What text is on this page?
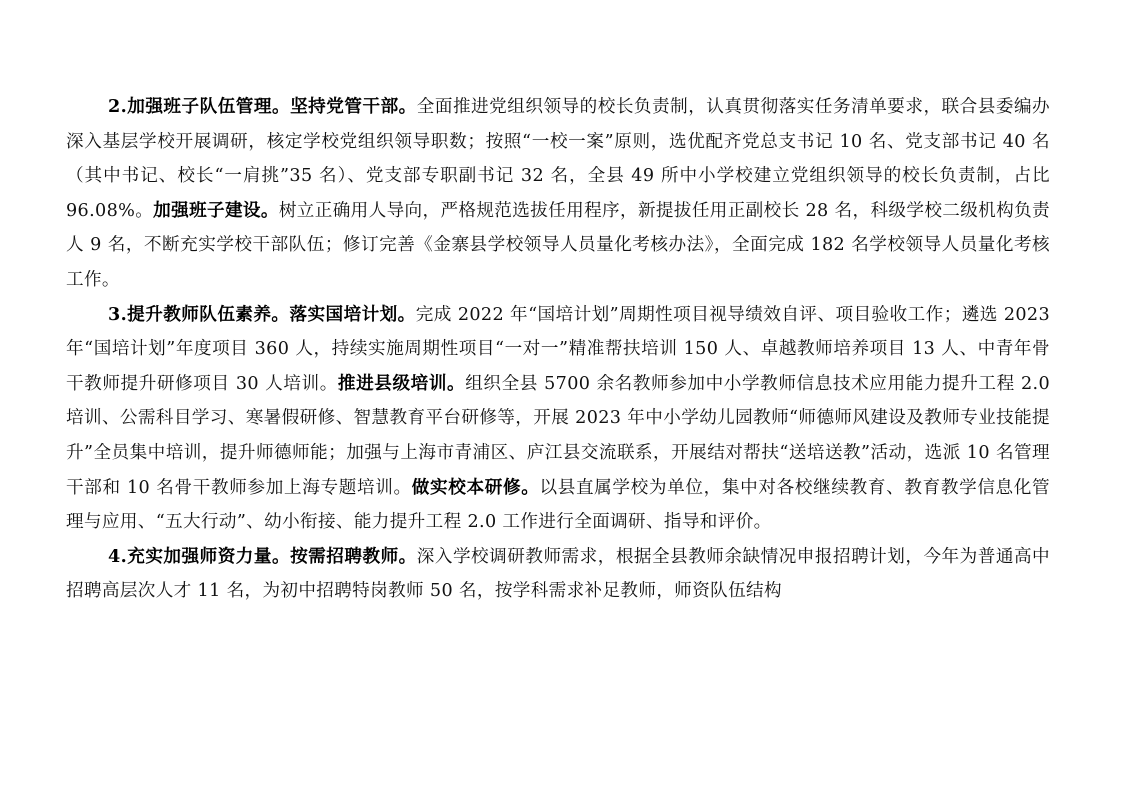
2.加强班子队伍管理。坚持党管干部。全面推进党组织领导的校长负责制，认真贯彻落实任务清单要求，联合县委编办深入基层学校开展调研，核定学校党组织领导职数；按照“一校一案”原则，选优配齐党总支书记 10 名、党支部书记 40 名（其中书记、校长“一肩挑”35 名）、党支部专职副书记 32 名，全县 49 所中小学校建立党组织领导的校长负责制，占比 96.08%。加强班子建设。树立正确用人导向，严格规范选拔任用程序，新提拔任用正副校长 28 名，科级学校二级机构负责人 9 名，不断充实学校干部队伍；修订完善《金寨县学校领导人员量化考核办法》，全面完成 182 名学校领导人员量化考核工作。

3.提升教师队伍素养。落实国培计划。完成 2022 年“国培计划”周期性项目视导绩效自评、项目验收工作；遴选 2023 年“国培计划”年度项目 360 人，持续实施周期性项目“一对一”精准帮扶培训 150 人、卓越教师培养项目 13 人、中青年骨干教师提升研修项目 30 人培训。推进县级培训。组织全县 5700 余名教师参加中小学教师信息技术应用能力提升工程 2.0 培训、公需科目学习、寒暑假研修、智慧教育平台研修等，开展 2023 年中小学幼儿园教师“师德师风建设及教师专业技能提升”全员集中培训，提升师德师能；加强与上海市青浦区、庐江县交流联系，开展结对帮扶“送培送教”活动，选派 10 名管理干部和 10 名骨干教师参加上海专题培训。做实校本研修。以县直属学校为单位，集中对各校继续教育、教育教学信息化管理与应用、“五大行动”、幼小衔接、能力提升工程 2.0 工作进行全面调研、指导和评价。

4.充实加强师资力量。按需招聘教师。深入学校调研教师需求，根据全县教师余缺情况申报招聘计划，今年为普通高中招聘高层次人才 11 名，为初中招聘特岗教师 50 名，按学科需求补足教师，师资队伍结构
